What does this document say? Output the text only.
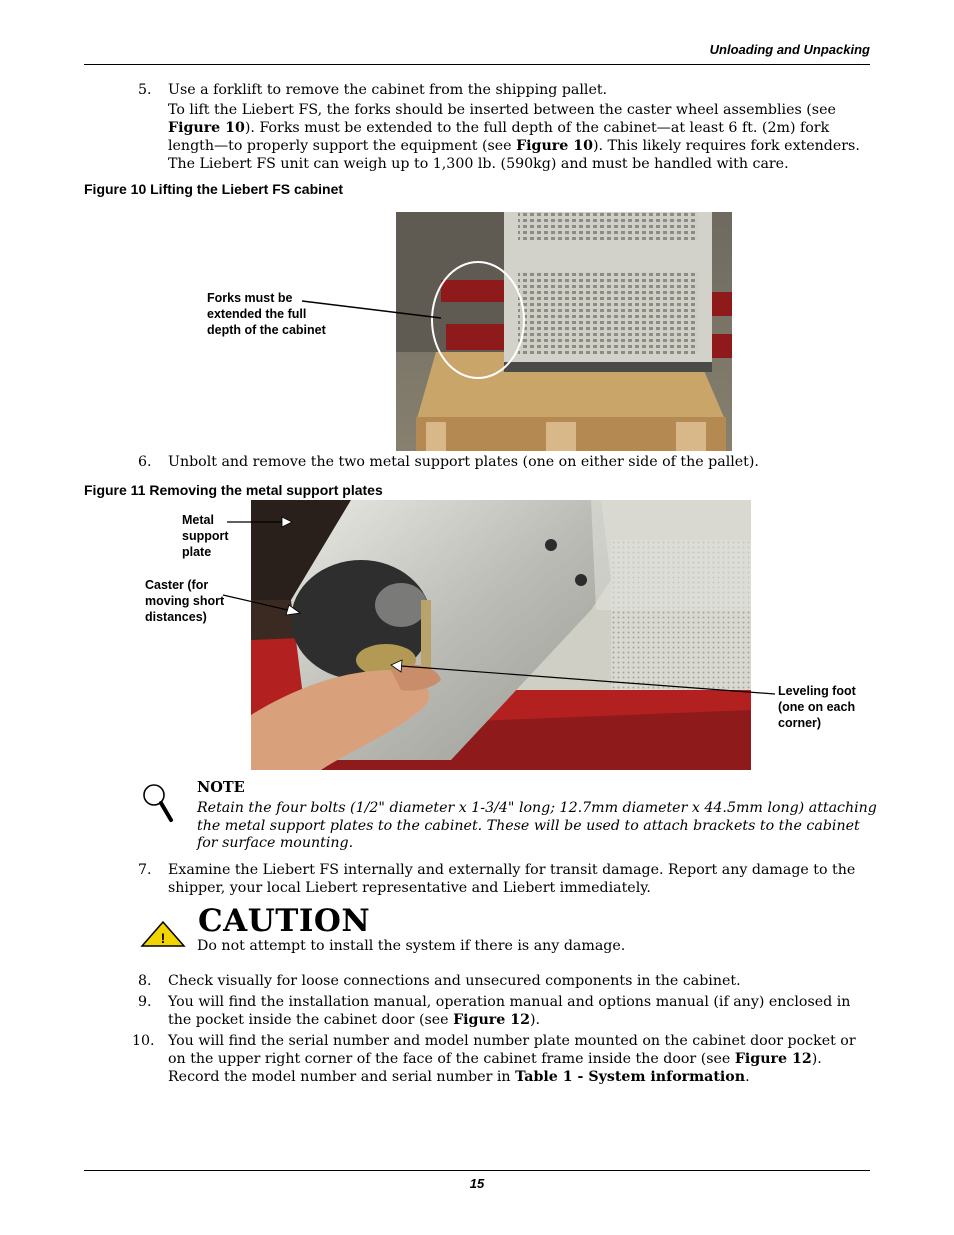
Unloading and Unpacking
5.	Use a forklift to remove the cabinet from the shipping pallet.
To lift the Liebert FS, the forks should be inserted between the caster wheel assemblies (see Figure 10). Forks must be extended to the full depth of the cabinet—at least 6 ft. (2m) fork length—to properly support the equipment (see Figure 10). This likely requires fork extenders. The Liebert FS unit can weigh up to 1,300 lb. (590kg) and must be handled with care.
Figure 10 Lifting the Liebert FS cabinet
Forks must be extended the full depth of the cabinet
6.	Unbolt and remove the two metal support plates (one on either side of the pallet).
Figure 11 Removing the metal support plates
Metal support plate
Caster (for moving short distances)
Leveling foot (one on each corner)
NOTE
Retain the four bolts (1/2" diameter x 1-3/4" long; 12.7mm diameter x 44.5mm long) attaching the metal support plates to the cabinet. These will be used to attach brackets to the cabinet for surface mounting.
7.	Examine the Liebert FS internally and externally for transit damage. Report any damage to the shipper, your local Liebert representative and Liebert immediately.
! CAUTION
Do not attempt to install the system if there is any damage.
8.	Check visually for loose connections and unsecured components in the cabinet.
9.	You will find the installation manual, operation manual and options manual (if any) enclosed in the pocket inside the cabinet door (see Figure 12).
10. You will find the serial number and model number plate mounted on the cabinet door pocket or on the upper right corner of the face of the cabinet frame inside the door (see Figure 12). Record the model number and serial number in Table 1 - System information.
15
